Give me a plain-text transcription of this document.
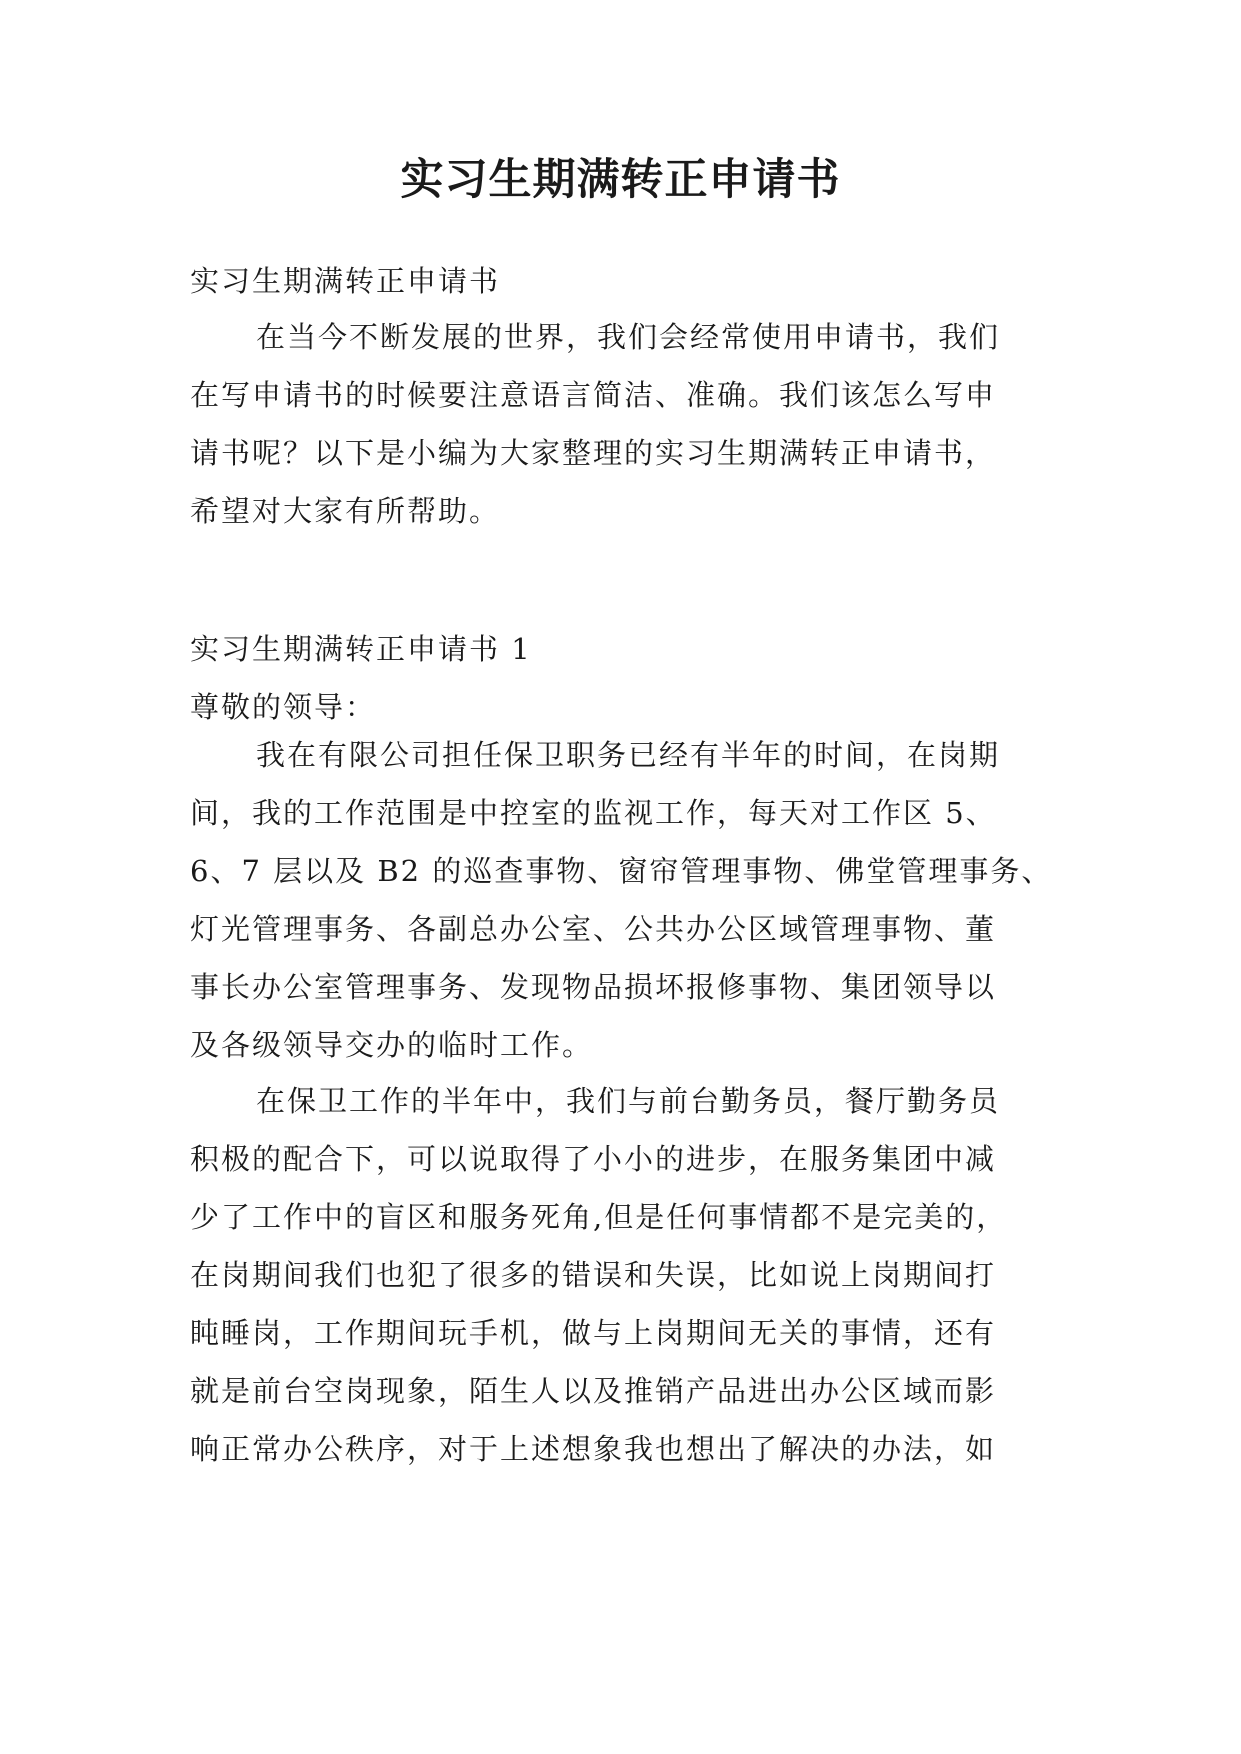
实习生期满转正申请书
实习生期满转正申请书
在当今不断发展的世界，我们会经常使用申请书，我们
在写申请书的时候要注意语言简洁、准确。我们该怎么写申
请书呢？以下是小编为大家整理的实习生期满转正申请书，
希望对大家有所帮助。
实习生期满转正申请书 1
尊敬的领导：
我在有限公司担任保卫职务已经有半年的时间，在岗期
间，我的工作范围是中控室的监视工作，每天对工作区 5、
6、7 层以及 B2 的巡查事物、窗帘管理事物、佛堂管理事务、
灯光管理事务、各副总办公室、公共办公区域管理事物、董
事长办公室管理事务、发现物品损坏报修事物、集团领导以
及各级领导交办的临时工作。
在保卫工作的半年中，我们与前台勤务员，餐厅勤务员
积极的配合下，可以说取得了小小的进步，在服务集团中减
少了工作中的盲区和服务死角,但是任何事情都不是完美的，
在岗期间我们也犯了很多的错误和失误，比如说上岗期间打
盹睡岗，工作期间玩手机，做与上岗期间无关的事情，还有
就是前台空岗现象，陌生人以及推销产品进出办公区域而影
响正常办公秩序，对于上述想象我也想出了解决的办法，如
